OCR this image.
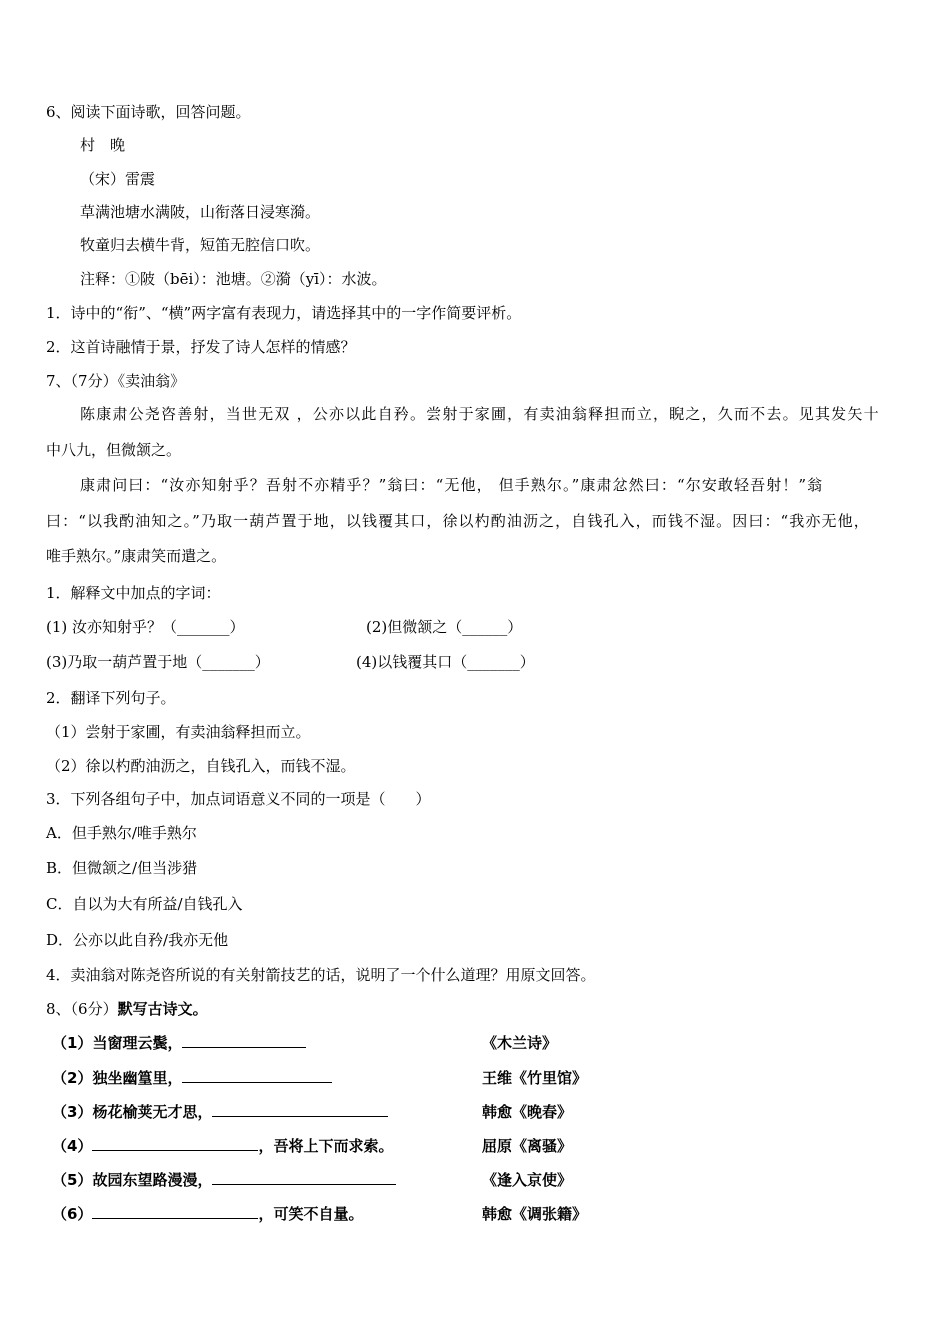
6、阅读下面诗歌，回答问题。
村　晚
（宋）雷震
草满池塘水满陂，山衔落日浸寒漪。
牧童归去横牛背，短笛无腔信口吹。
注释：①陂（bēi）：池塘。②漪（yī）：水波。
1．诗中的“衔”、“横”两字富有表现力，请选择其中的一字作简要评析。
2．这首诗融情于景，抒发了诗人怎样的情感？
7、（7分）《卖油翁》
陈康肃公尧咨善射，当世无双 ，公亦以此自矜。尝射于家圃，有卖油翁释担而立，睨之，久而不去。见其发矢十
中八九，但微颔之。
康肃问曰：“汝亦知射乎？吾射不亦精乎？”翁曰：“无他， 但手熟尔。”康肃忿然曰：“尔安敢轻吾射！”翁
曰：“以我酌油知之。”乃取一葫芦置于地，以钱覆其口，徐以杓酌油沥之，自钱孔入，而钱不湿。因曰：“我亦无他，
唯手熟尔。”康肃笑而遣之。
1．解释文中加点的字词：
(1) 汝亦知射乎？（_______）	(2)但微颔之（______）
(3)乃取一葫芦置于地（_______）	(4)以钱覆其口（_______）
2．翻译下列句子。
（1）尝射于家圃，有卖油翁释担而立。
（2）徐以杓酌油沥之，自钱孔入，而钱不湿。
3．下列各组句子中，加点词语意义不同的一项是（　　）
A．但手熟尔/唯手熟尔
B．但微颔之/但当涉猎
C．自以为大有所益/自钱孔入
D．公亦以此自矜/我亦无他
4．卖油翁对陈尧咨所说的有关射箭技艺的话，说明了一个什么道理？用原文回答。
8、（6分）默写古诗文。
（1）当窗理云鬓，	《木兰诗》
（2）独坐幽篁里，	王维《竹里馆》
（3）杨花榆荚无才思，	韩愈《晚春》
（4）	，吾将上下而求索。	屈原《离骚》
（5）故园东望路漫漫，	《逢入京使》
（6）	，可笑不自量。	韩愈《调张籍》
